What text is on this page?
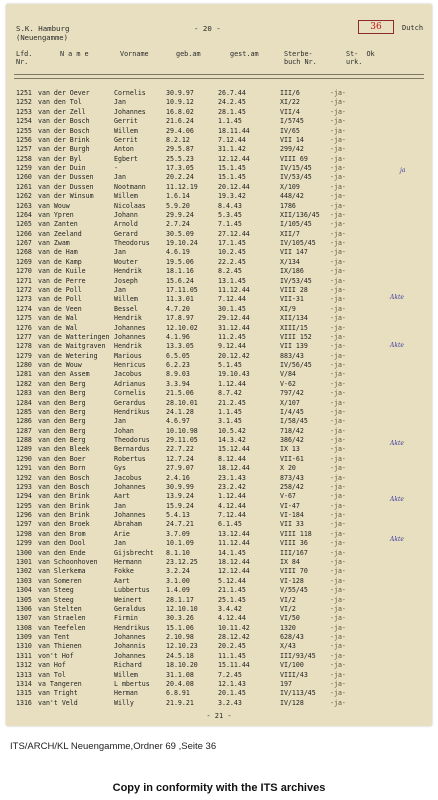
S.K. Hamburg
(Neuengamme)
- 20 -	36	Dutch
Lfd.
Nr.
N a m e	Vorname	geb.am	gest.am	Sterbe-
buch Nr.
St-  Ok
urk.
1251 van der Oever	Cornelis	30.9.97	26.7.44	III/6	-ja-
1252 van den Tol	Jan	10.9.12	24.2.45	XI/22	-ja-
1253 van der Zell	Johannes	16.8.02	28.1.45	VII/4	-ja-
1254 van der Bosch	Gerrit	21.6.24	1.1.45	I/5745	-ja-
1255 van der Bosch	Willem	29.4.06	18.11.44	IV/65	-ja-
1256 van der Brink	Gerrit	8.2.12	7.12.44	VII 14	-ja-
1257 van der Burgh	Anton	29.5.87	31.1.42	299/42	-ja-
1258 van der Byl	Egbert	25.5.23	12.12.44	VIII 69	-ja-
1259 van der Duin	-	17.3.05	15.1.45	IV/15/45	-ja-
1260 van der Dussen	Jan	20.2.24	15.1.45	IV/53/45	-ja-
1261 van der Dussen	Nootmann	11.12.19	20.12.44	X/109	-ja-
1262 van der Winsum	Willem	1.6.14	19.3.42	448/42	-ja-
1263 van Wouw	Nicolaas	5.9.20	8.4.43	1786	-ja-
1264 van Ypren	Johann	29.9.24	5.3.45	XII/136/45 -ja-
1265 van Zanten	Arnold	2.7.24	7.1.45	I/105/45	-ja-
1266 van Zeeland	Gerard	30.5.09	27.12.44	XII/7	-ja-
1267 van Zwam	Theodorus 19.10.24	17.1.45	IV/105/45 -ja-
1268 van de Ham	Jan	4.6.19	10.2.45	VII 147	-ja-
1269 van de Kamp	Wouter	19.5.06	22.2.45	X/134	-ja-
1270 van de Kuile	Hendrik	18.1.16	8.2.45	IX/186	-ja-
1271 van de Perre	Joseph	15.6.24	13.1.45	IV/53/45	-ja-
1272 van de Poll	Jan	17.11.05	11.12.44	VIII 28	-ja-
1273 van de Poll	Willem	11.3.01	7.12.44	VII-31	-ja-
1274 van de Veen	Bessel	4.7.20	30.1.45	XI/9	-ja-
1275 van de Wal	Hendrik	17.8.97	29.12.44	XII/134	-ja-
1276 van de Wal	Johannes	12.10.02	31.12.44	XIII/15	-ja-
1277 van de Watteringen Johannes	4.1.96	11.2.45	VIII 152	-ja-
1278 van de Waitgraven Hendrik	13.3.05	9.12.44	VII 139	-ja-
1279 van de Wetering Marious	6.5.05	20.12.42	883/43	-ja-
1280 van de Wouw	Henricus	6.2.23	5.1.45	IV/56/45	-ja-
1281 van den Assem	Jacobus	8.9.03	19.10.43	V/84	-ja-
1282 van den Berg	Adrianus	3.3.94	1.12.44	V-62	-ja-
1283 van den Berg	Cornelis	21.5.06	8.7.42	797/42	-ja-
1284 van den Berg	Gerardus	28.10.01	21.2.45	X/107	-ja-
1285 van den Berg	Hendrikus 24.1.28	1.1.45	I/4/45	-ja-
1286 van den Berg	Jan	4.6.97	3.1.45	I/58/45	-ja-
1287 van den Berg	Johan	10.10.98	10.5.42	718/42	-ja-
1288 van den Berg	Theodorus 29.11.05	14.3.42	386/42	-ja-
1289 van den Bleek	Bernardus 22.7.22	15.12.44	IX 13	-ja-
1290 van den Boer	Robertus	12.7.24	8.12.44	VII-61	-ja-
1291 van den Born	Gys	27.9.07	18.12.44	X 20	-ja-
1292 van den Bosch	Jacobus	2.4.16	23.1.43	873/43	-ja-
1293 van den Bosch	Johannes	30.9.99	23.2.42	258/42	-ja-
1294 van den Brink	Aart	13.9.24	1.12.44	V-67	-ja-
1295 van den Brink	Jan	15.9.24	4.12.44	VI-47	-ja-
1296 van den Brink	Johannes	5.4.13	7.12.44	VI-184	-ja-
1297 van den Broek	Abraham	24.7.21	6.1.45	VII 33	-ja-
1298 van den Brom	Arie	3.7.09	13.12.44	VIII 118	-ja-
1299 van den Dool	Jan	10.1.09	11.12.44	VIII 36	-ja-
1300 van den Ende	Gijsbrecht 8.1.10	14.1.45	III/167	-ja-
1301 van Schoonhoven Hermann	23.12.25	18.12.44	IX 84	-ja-
1302 van Slerkema	Fokke	3.2.24	12.12.44	VIII 70	-ja-
1303 van Someren	Aart	3.1.00	5.12.44	VI-128	-ja-
1304 van Steeg	Lubbertus 1.4.09	21.1.45	V/55/45	-ja-
1305 van Steeg	Weinert	28.1.17	25.1.45	VI/2	-ja-
1306 van Stelten	Geraldus	12.10.10	3.4.42	VI/2	-ja-
1307 van Straelen	Firmin	30.3.26	4.12.44	VI/50	-ja-
1308 van Teefelen	Hendrikus 15.1.06	10.11.42	1320	-ja-
1309 van Tent	Johannes	2.10.98	28.12.42	628/43	-ja-
1310 van Thienen	Johannis	12.10.23	20.2.45	X/43	-ja-
1311 von't Hof	Johannes	24.5.18	11.1.45	III/93/45 -ja-
1312 van Hof	Richard	18.10.20	15.11.44	VI/100	-ja-
1313 van Tol	Willem	31.1.08	7.2.45	VIII/43	-ja-
1314 va Tangeren	L mbertus 20.4.08	12.1.43	197	-ja-
1315 van Tright	Herman	6.8.91	20.1.45	IV/113/45 -ja-
1316 van't Veld	Willy	21.9.21	3.2.43	IV/128	-ja-
ja
Akte
Akte
Akte
Akte
Akte
- 21 -
ITS/ARCH/KL Neuengamme,Ordner 69 ,Seite 36
Copy in conformity with the ITS archives
